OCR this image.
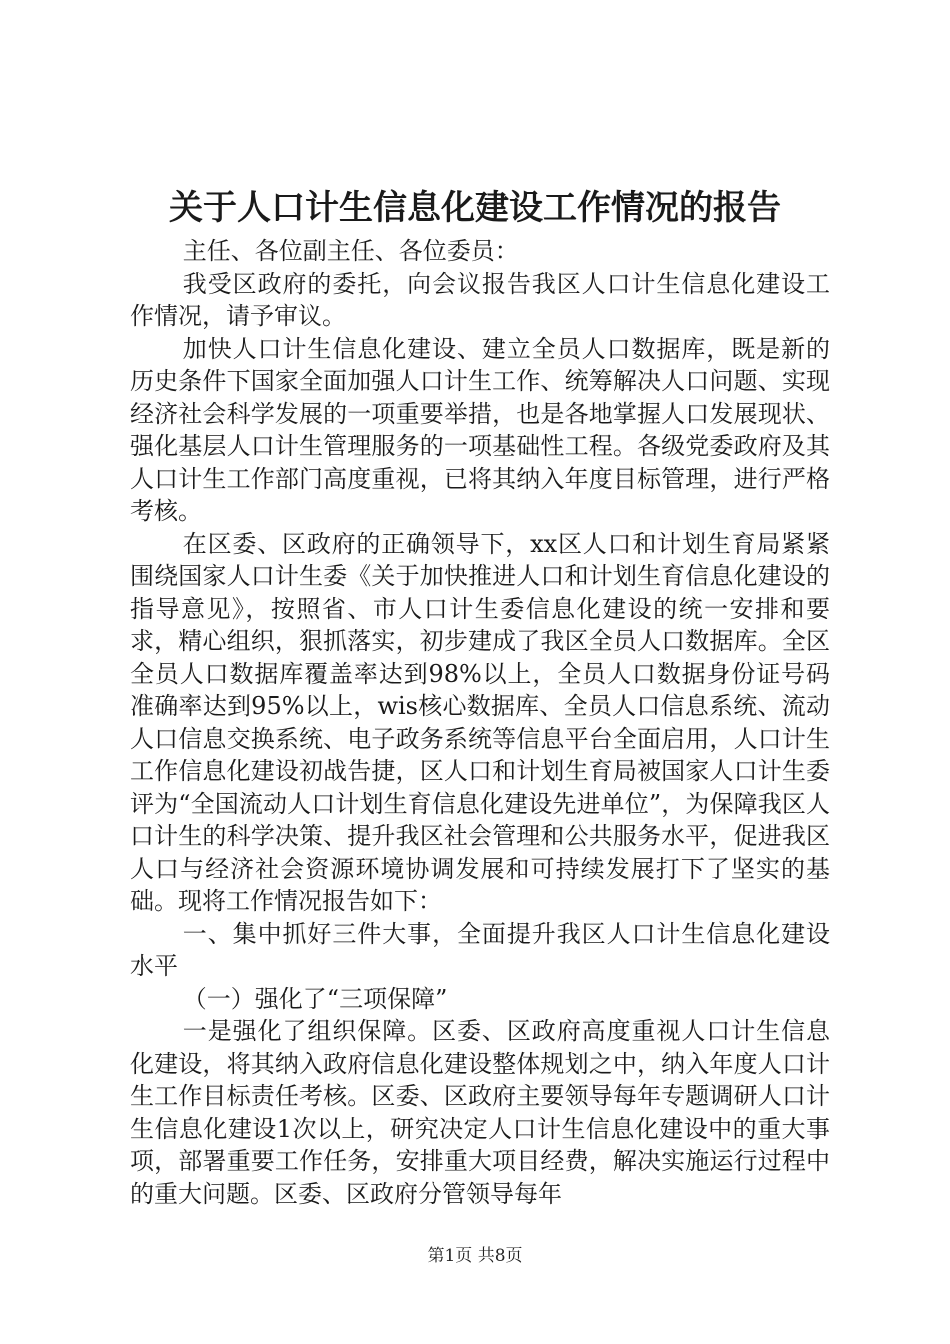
关于人口计生信息化建设工作情况的报告

主任、各位副主任、各位委员：

我受区政府的委托，向会议报告我区人口计生信息化建设工作情况，请予审议。

加快人口计生信息化建设、建立全员人口数据库，既是新的历史条件下国家全面加强人口计生工作、统筹解决人口问题、实现经济社会科学发展的一项重要举措，也是各地掌握人口发展现状、强化基层人口计生管理服务的一项基础性工程。各级党委政府及其人口计生工作部门高度重视，已将其纳入年度目标管理，进行严格考核。

在区委、区政府的正确领导下，xx区人口和计划生育局紧紧围绕国家人口计生委《关于加快推进人口和计划生育信息化建设的指导意见》，按照省、市人口计生委信息化建设的统一安排和要求，精心组织，狠抓落实，初步建成了我区全员人口数据库。全区全员人口数据库覆盖率达到98%以上，全员人口数据身份证号码准确率达到95%以上，wis核心数据库、全员人口信息系统、流动人口信息交换系统、电子政务系统等信息平台全面启用，人口计生工作信息化建设初战告捷，区人口和计划生育局被国家人口计生委评为“全国流动人口计划生育信息化建设先进单位”，为保障我区人口计生的科学决策、提升我区社会管理和公共服务水平，促进我区人口与经济社会资源环境协调发展和可持续发展打下了坚实的基础。现将工作情况报告如下：

一、集中抓好三件大事，全面提升我区人口计生信息化建设水平

（一）强化了“三项保障”

一是强化了组织保障。区委、区政府高度重视人口计生信息化建设，将其纳入政府信息化建设整体规划之中，纳入年度人口计生工作目标责任考核。区委、区政府主要领导每年专题调研人口计生信息化建设1次以上，研究决定人口计生信息化建设中的重大事项，部署重要工作任务，安排重大项目经费，解决实施运行过程中的重大问题。区委、区政府分管领导每年

第1页 共8页
